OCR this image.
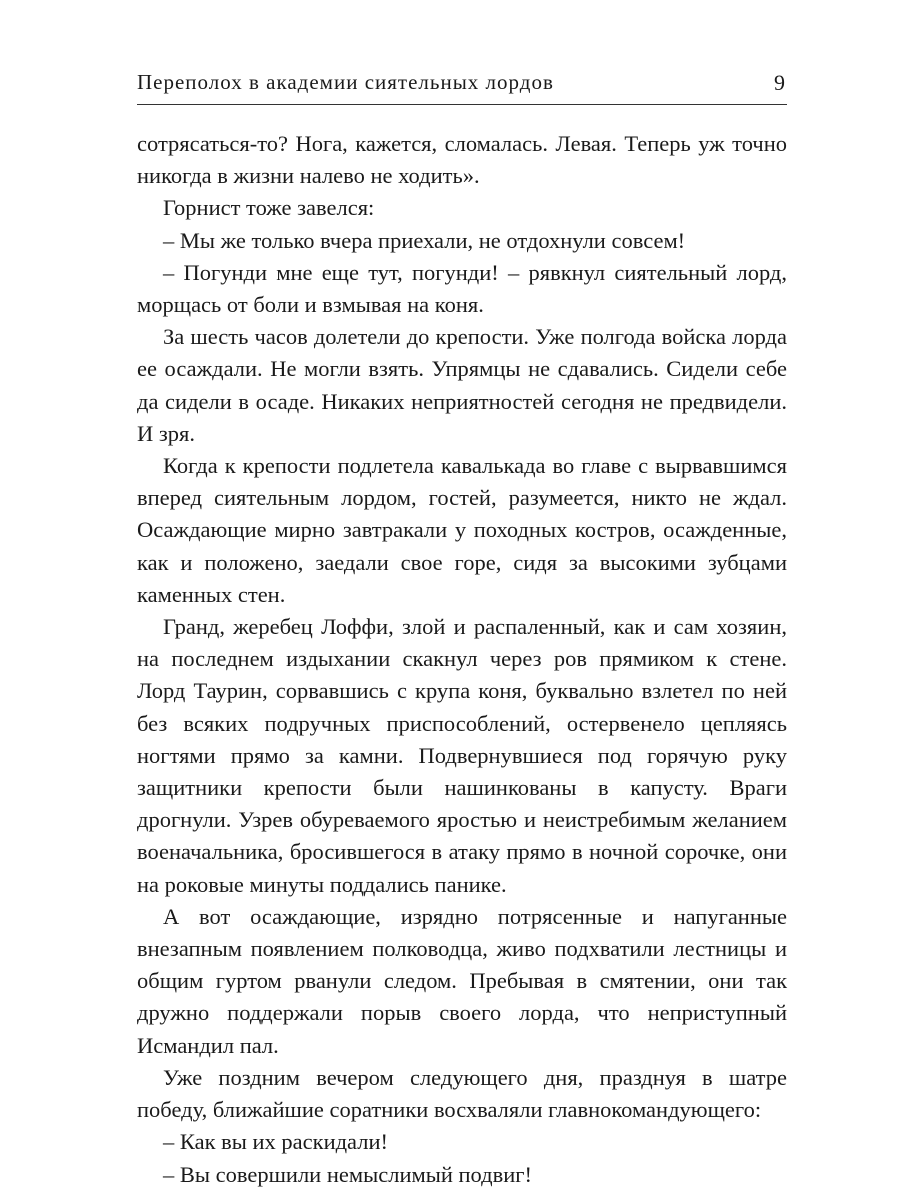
Переполох в академии сиятельных лордов	9

сотрясаться-то? Нога, кажется, сломалась. Левая. Теперь уж точно никогда в жизни налево не ходить».

Горнист тоже завелся:

– Мы же только вчера приехали, не отдохнули совсем!

– Погунди мне еще тут, погунди! – рявкнул сиятельный лорд, морщась от боли и взмывая на коня.

За шесть часов долетели до крепости. Уже полгода войска лорда ее осаждали. Не могли взять. Упрямцы не сдавались. Сидели себе да сидели в осаде. Никаких неприятностей сегодня не предвидели. И зря.

Когда к крепости подлетела кавалькада во главе с вырвавшимся вперед сиятельным лордом, гостей, разумеется, никто не ждал. Осаждающие мирно завтракали у походных костров, осажденные, как и положено, заедали свое горе, сидя за высокими зубцами каменных стен.

Гранд, жеребец Лоффи, злой и распаленный, как и сам хозяин, на последнем издыхании скакнул через ров прямиком к стене. Лорд Таурин, сорвавшись с крупа коня, буквально взлетел по ней без всяких подручных приспособлений, остервенело цепляясь ногтями прямо за камни. Подвернувшиеся под горячую руку защитники крепости были нашинкованы в капусту. Враги дрогнули. Узрев обуреваемого яростью и неистребимым желанием военачальника, бросившегося в атаку прямо в ночной сорочке, они на роковые минуты поддались панике.

А вот осаждающие, изрядно потрясенные и напуганные внезапным появлением полководца, живо подхватили лестницы и общим гуртом рванули следом. Пребывая в смятении, они так дружно поддержали порыв своего лорда, что неприступный Исмандил пал.

Уже поздним вечером следующего дня, празднуя в шатре победу, ближайшие соратники восхваляли главнокомандующего:

– Как вы их раскидали!

– Вы совершили немыслимый подвиг!
